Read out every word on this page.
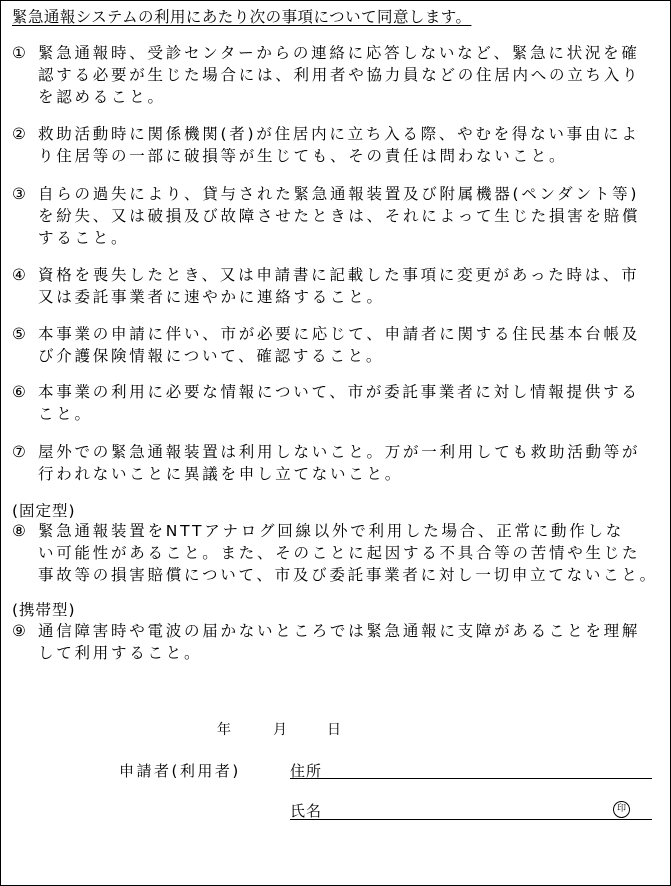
緊急通報システムの利用にあたり次の事項について同意します。
① 緊急通報時、受診センターからの連絡に応答しないなど、緊急に状況を確
認する必要が生じた場合には、利用者や協力員などの住居内への立ち入り
を認めること。
② 救助活動時に関係機関(者)が住居内に立ち入る際、やむを得ない事由によ
り住居等の一部に破損等が生じても、その責任は問わないこと。
③ 自らの過失により、貸与された緊急通報装置及び附属機器(ペンダント等)
を紛失、又は破損及び故障させたときは、それによって生じた損害を賠償
すること。
④ 資格を喪失したとき、又は申請書に記載した事項に変更があった時は、市
又は委託事業者に速やかに連絡すること。
⑤ 本事業の申請に伴い、市が必要に応じて、申請者に関する住民基本台帳及
び介護保険情報について、確認すること。
⑥ 本事業の利用に必要な情報について、市が委託事業者に対し情報提供する
こと。
⑦ 屋外での緊急通報装置は利用しないこと。万が一利用しても救助活動等が
行われないことに異議を申し立てないこと。
(固定型)
⑧ 緊急通報装置をNTTアナログ回線以外で利用した場合、正常に動作しな
い可能性があること。また、そのことに起因する不具合等の苦情や生じた
事故等の損害賠償について、市及び委託事業者に対し一切申立てないこと。
(携帯型)
⑨ 通信障害時や電波の届かないところでは緊急通報に支障があることを理解
して利用すること。
年	月	日
申請者(利用者)	住所
氏名	印
